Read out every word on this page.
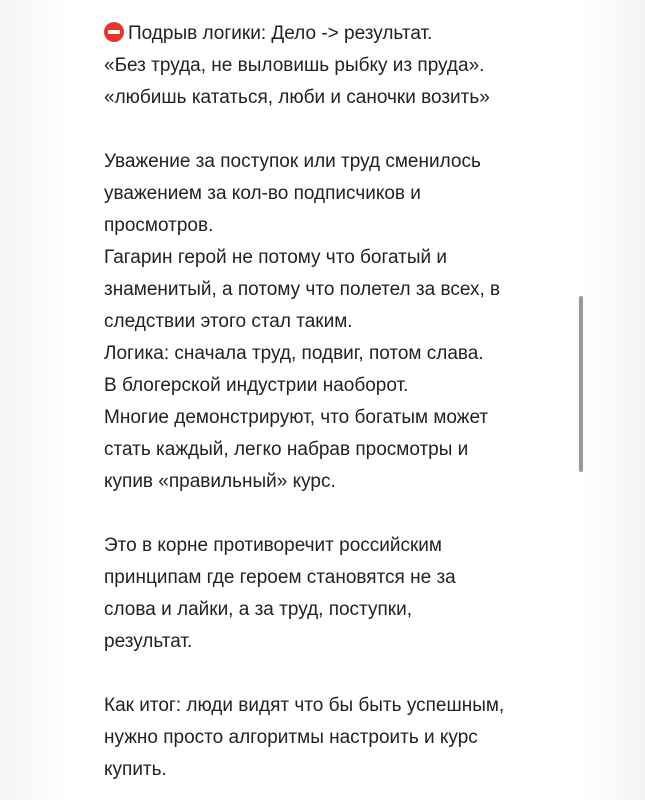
Подрыв логики: Дело -> результат.
«Без труда, не выловишь рыбку из пруда».
«любишь кататься, люби и саночки возить»
Уважение за поступок или труд сменилось
уважением за кол-во подписчиков и
просмотров.
Гагарин герой не потому что богатый и
знаменитый, а потому что полетел за всех, в
следствии этого стал таким.
Логика: сначала труд, подвиг, потом слава.
В блогерской индустрии наоборот.
Многие демонстрируют, что богатым может
стать каждый, легко набрав просмотры и
купив «правильный» курс.
Это в корне противоречит российским
принципам где героем становятся не за
слова и лайки, а за труд, поступки,
результат.
Как итог: люди видят что бы быть успешным,
нужно просто алгоритмы настроить и курс
купить.
